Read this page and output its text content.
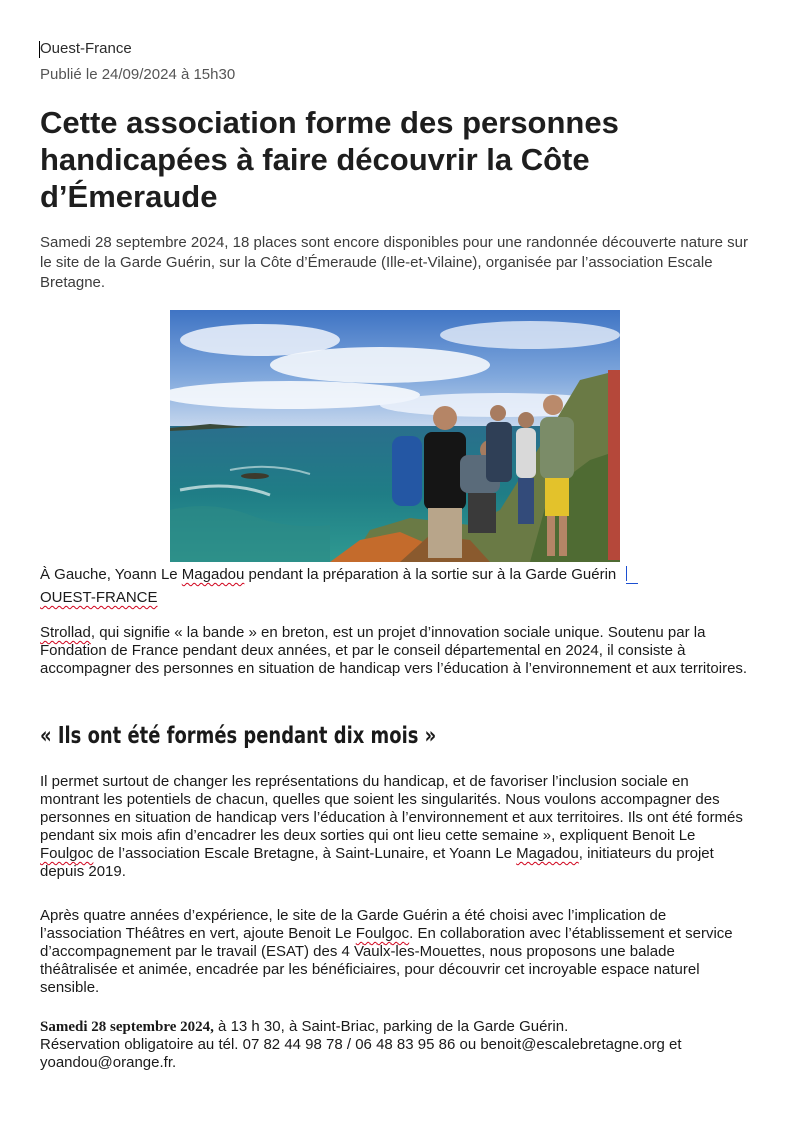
Ouest-France
Publié le 24/09/2024 à 15h30
Cette association forme des personnes handicapées à faire découvrir la Côte d’Émeraude

Samedi 28 septembre 2024, 18 places sont encore disponibles pour une randonnée découverte nature sur le site de la Garde Guérin, sur la Côte d’Émeraude (Ille-et-Vilaine), organisée par l’association Escale Bretagne.

À Gauche, Yoann Le Magadou pendant la préparation à la sortie sur à la Garde Guérin
OUEST-FRANCE

Strollad, qui signifie « la bande » en breton, est un projet d’innovation sociale unique. Soutenu par la Fondation de France pendant deux années, et par le conseil départemental en 2024, il consiste à accompagner des personnes en situation de handicap vers l’éducation à l’environnement et aux territoires.

« Ils ont été formés pendant dix mois »

Il permet surtout de changer les représentations du handicap, et de favoriser l’inclusion sociale en montrant les potentiels de chacun, quelles que soient les singularités. Nous voulons accompagner des personnes en situation de handicap vers l’éducation à l’environnement et aux territoires. Ils ont été formés pendant six mois afin d’encadrer les deux sorties qui ont lieu cette semaine », expliquent Benoit Le Foulgoc de l’association Escale Bretagne, à Saint-Lunaire, et Yoann Le Magadou, initiateurs du projet depuis 2019.

Après quatre années d’expérience, le site de la Garde Guérin a été choisi avec l’implication de l’association Théâtres en vert, ajoute Benoit Le Foulgoc. En collaboration avec l’établissement et service d’accompagnement par le travail (ESAT) des 4 Vaulx-les-Mouettes, nous proposons une balade théâtralisée et animée, encadrée par les bénéficiaires, pour découvrir cet incroyable espace naturel sensible.

Samedi 28 septembre 2024, à 13 h 30, à Saint-Briac, parking de la Garde Guérin.
Réservation obligatoire au tél. 07 82 44 98 78 / 06 48 83 95 86 ou benoit@escalebretagne.org et yoandou@orange.fr.
